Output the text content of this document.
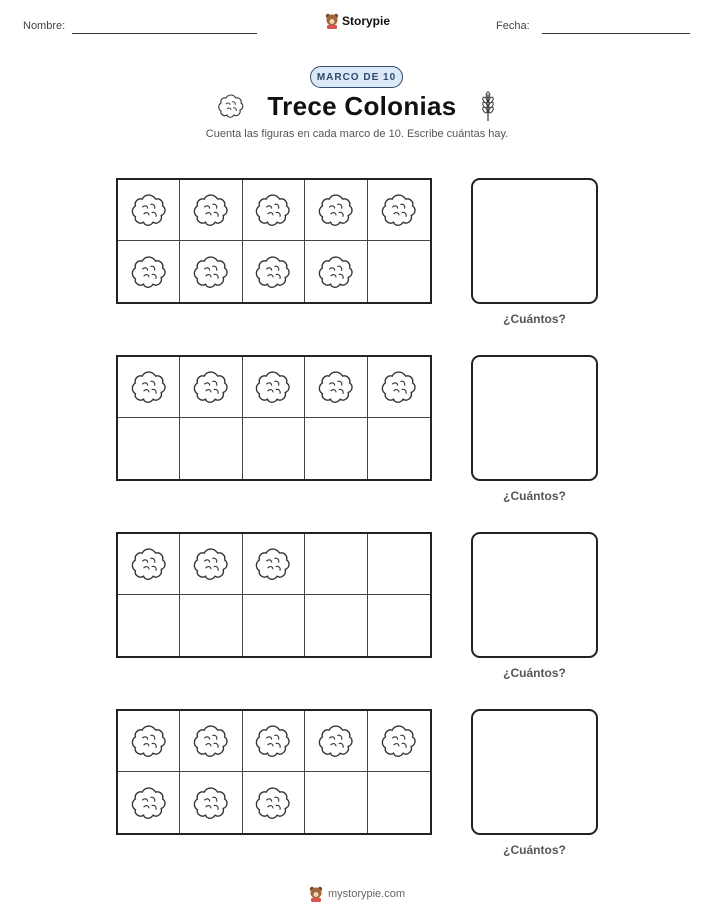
Nombre:	Storypie	Fecha:
MARCO DE 10
Trece Colonias
Cuenta las figuras en cada marco de 10. Escribe cuántas hay.
¿Cuántos?
¿Cuántos?
¿Cuántos?
¿Cuántos?
mystorypie.com
